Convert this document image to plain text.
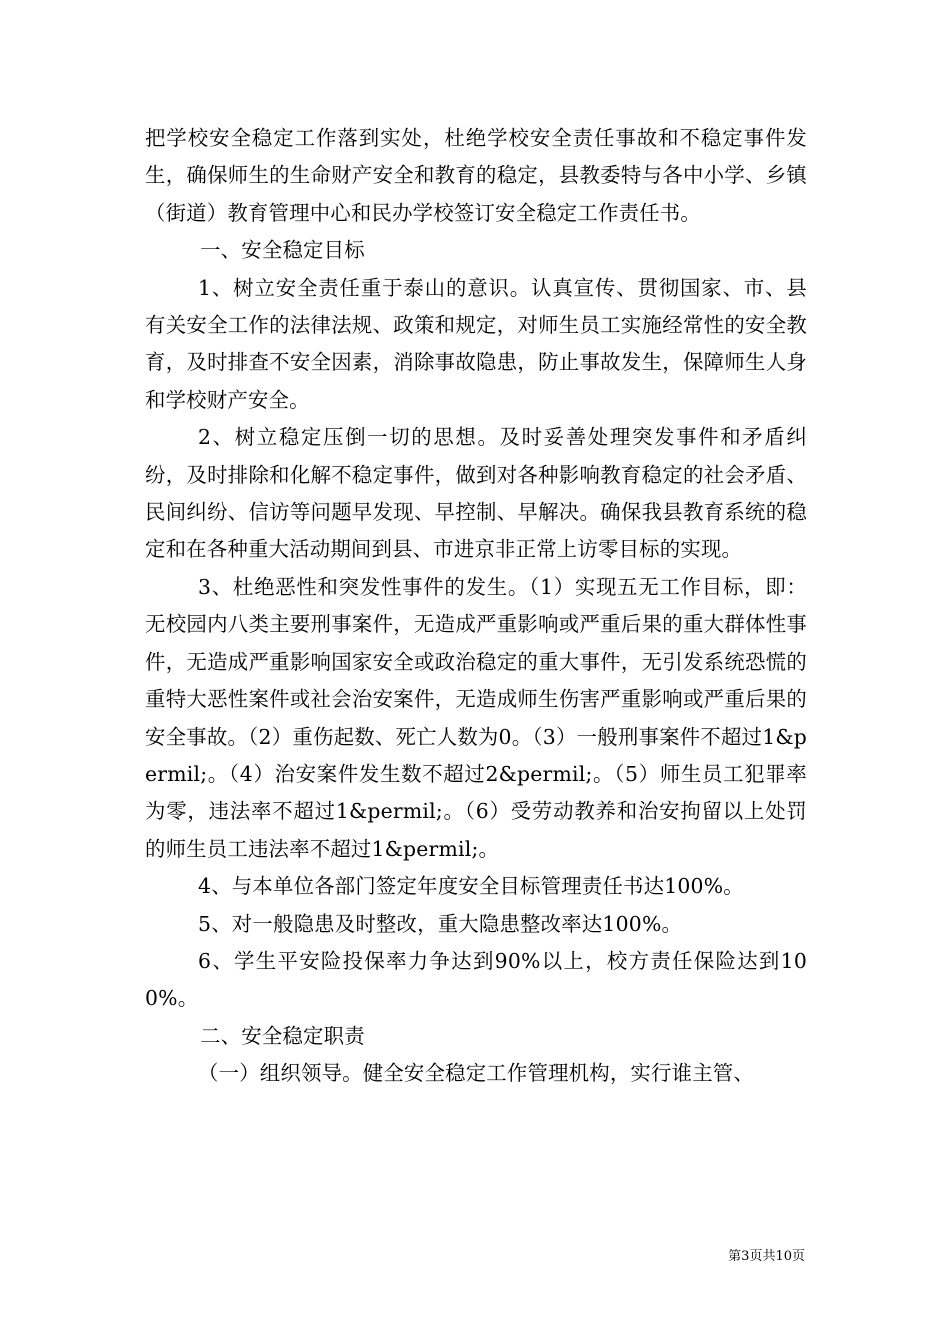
把学校安全稳定工作落到实处，杜绝学校安全责任事故和不稳定事件发生，确保师生的生命财产安全和教育的稳定，县教委特与各中小学、乡镇（街道）教育管理中心和民办学校签订安全稳定工作责任书。

一、安全稳定目标

1、树立安全责任重于泰山的意识。认真宣传、贯彻国家、市、县有关安全工作的法律法规、政策和规定，对师生员工实施经常性的安全教育，及时排查不安全因素，消除事故隐患，防止事故发生，保障师生人身和学校财产安全。

2、树立稳定压倒一切的思想。及时妥善处理突发事件和矛盾纠纷，及时排除和化解不稳定事件，做到对各种影响教育稳定的社会矛盾、民间纠纷、信访等问题早发现、早控制、早解决。确保我县教育系统的稳定和在各种重大活动期间到县、市进京非正常上访零目标的实现。

3、杜绝恶性和突发性事件的发生。（1）实现五无工作目标，即：无校园内八类主要刑事案件，无造成严重影响或严重后果的重大群体性事件，无造成严重影响国家安全或政治稳定的重大事件，无引发系统恐慌的重特大恶性案件或社会治安案件，无造成师生伤害严重影响或严重后果的安全事故。（2）重伤起数、死亡人数为0。（3）一般刑事案件不超过1&permil;。（4）治安案件发生数不超过2&permil;。（5）师生员工犯罪率为零，违法率不超过1&permil;。（6）受劳动教养和治安拘留以上处罚的师生员工违法率不超过1&permil;。

4、与本单位各部门签定年度安全目标管理责任书达100%。

5、对一般隐患及时整改，重大隐患整改率达100%。

6、学生平安险投保率力争达到90%以上，校方责任保险达到100%。

二、安全稳定职责

（一）组织领导。健全安全稳定工作管理机构，实行谁主管、

第3页共10页
